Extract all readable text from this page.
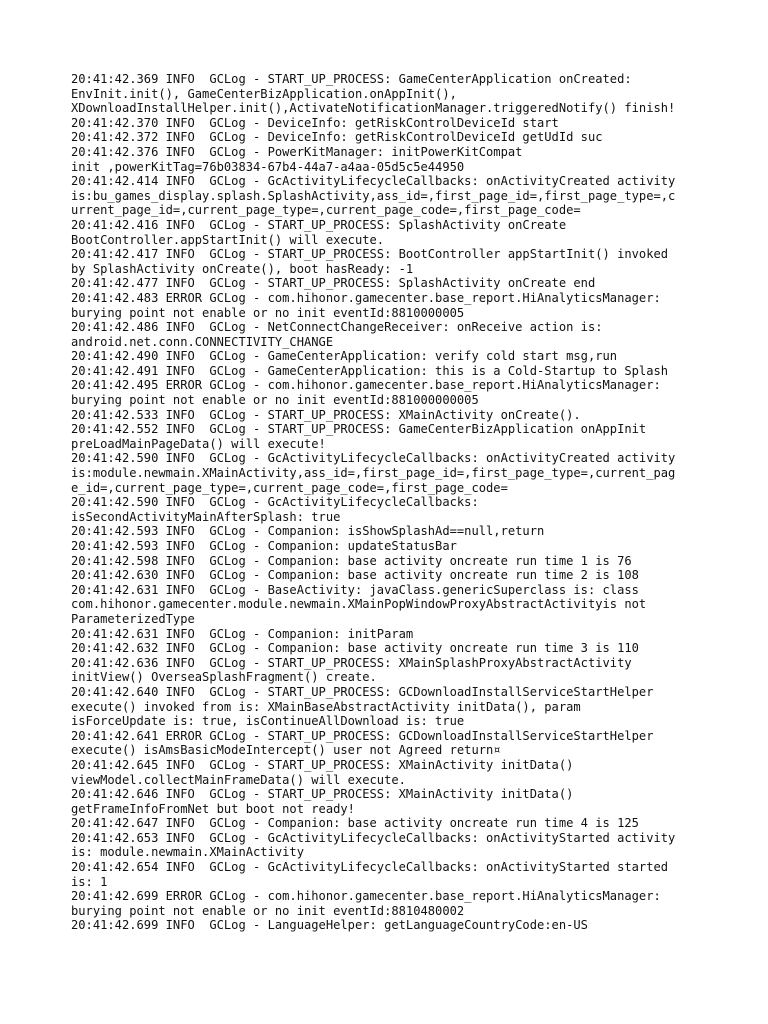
20:41:42.369 INFO  GCLog - START_UP_PROCESS: GameCenterApplication onCreated:
EnvInit.init(), GameCenterBizApplication.onAppInit(),
XDownloadInstallHelper.init(),ActivateNotificationManager.triggeredNotify() finish!
20:41:42.370 INFO  GCLog - DeviceInfo: getRiskControlDeviceId start
20:41:42.372 INFO  GCLog - DeviceInfo: getRiskControlDeviceId getUdId suc
20:41:42.376 INFO  GCLog - PowerKitManager: initPowerKitCompat
init ,powerKitTag=76b03834-67b4-44a7-a4aa-05d5c5e44950
20:41:42.414 INFO  GCLog - GcActivityLifecycleCallbacks: onActivityCreated activity
is:bu_games_display.splash.SplashActivity,ass_id=,first_page_id=,first_page_type=,c
urrent_page_id=,current_page_type=,current_page_code=,first_page_code=
20:41:42.416 INFO  GCLog - START_UP_PROCESS: SplashActivity onCreate
BootController.appStartInit() will execute.
20:41:42.417 INFO  GCLog - START_UP_PROCESS: BootController appStartInit() invoked
by SplashActivity onCreate(), boot hasReady: -1
20:41:42.477 INFO  GCLog - START_UP_PROCESS: SplashActivity onCreate end
20:41:42.483 ERROR GCLog - com.hihonor.gamecenter.base_report.HiAnalyticsManager:
burying point not enable or no init eventId:8810000005
20:41:42.486 INFO  GCLog - NetConnectChangeReceiver: onReceive action is:
android.net.conn.CONNECTIVITY_CHANGE
20:41:42.490 INFO  GCLog - GameCenterApplication: verify cold start msg,run
20:41:42.491 INFO  GCLog - GameCenterApplication: this is a Cold-Startup to Splash
20:41:42.495 ERROR GCLog - com.hihonor.gamecenter.base_report.HiAnalyticsManager:
burying point not enable or no init eventId:881000000005
20:41:42.533 INFO  GCLog - START_UP_PROCESS: XMainActivity onCreate().
20:41:42.552 INFO  GCLog - START_UP_PROCESS: GameCenterBizApplication onAppInit
preLoadMainPageData() will execute!
20:41:42.590 INFO  GCLog - GcActivityLifecycleCallbacks: onActivityCreated activity
is:module.newmain.XMainActivity,ass_id=,first_page_id=,first_page_type=,current_pag
e_id=,current_page_type=,current_page_code=,first_page_code=
20:41:42.590 INFO  GCLog - GcActivityLifecycleCallbacks:
isSecondActivityMainAfterSplash: true
20:41:42.593 INFO  GCLog - Companion: isShowSplashAd==null,return
20:41:42.593 INFO  GCLog - Companion: updateStatusBar
20:41:42.598 INFO  GCLog - Companion: base activity oncreate run time 1 is 76
20:41:42.630 INFO  GCLog - Companion: base activity oncreate run time 2 is 108
20:41:42.631 INFO  GCLog - BaseActivity: javaClass.genericSuperclass is: class
com.hihonor.gamecenter.module.newmain.XMainPopWindowProxyAbstractActivityis not
ParameterizedType
20:41:42.631 INFO  GCLog - Companion: initParam
20:41:42.632 INFO  GCLog - Companion: base activity oncreate run time 3 is 110
20:41:42.636 INFO  GCLog - START_UP_PROCESS: XMainSplashProxyAbstractActivity
initView() OverseaSplashFragment() create.
20:41:42.640 INFO  GCLog - START_UP_PROCESS: GCDownloadInstallServiceStartHelper
execute() invoked from is: XMainBaseAbstractActivity initData(), param
isForceUpdate is: true, isContinueAllDownload is: true
20:41:42.641 ERROR GCLog - START_UP_PROCESS: GCDownloadInstallServiceStartHelper
execute() isAmsBasicModeIntercept() user not Agreed return¤
20:41:42.645 INFO  GCLog - START_UP_PROCESS: XMainActivity initData()
viewModel.collectMainFrameData() will execute.
20:41:42.646 INFO  GCLog - START_UP_PROCESS: XMainActivity initData()
getFrameInfoFromNet but boot not ready!
20:41:42.647 INFO  GCLog - Companion: base activity oncreate run time 4 is 125
20:41:42.653 INFO  GCLog - GcActivityLifecycleCallbacks: onActivityStarted activity
is: module.newmain.XMainActivity
20:41:42.654 INFO  GCLog - GcActivityLifecycleCallbacks: onActivityStarted started
is: 1
20:41:42.699 ERROR GCLog - com.hihonor.gamecenter.base_report.HiAnalyticsManager:
burying point not enable or no init eventId:8810480002
20:41:42.699 INFO  GCLog - LanguageHelper: getLanguageCountryCode:en-US
